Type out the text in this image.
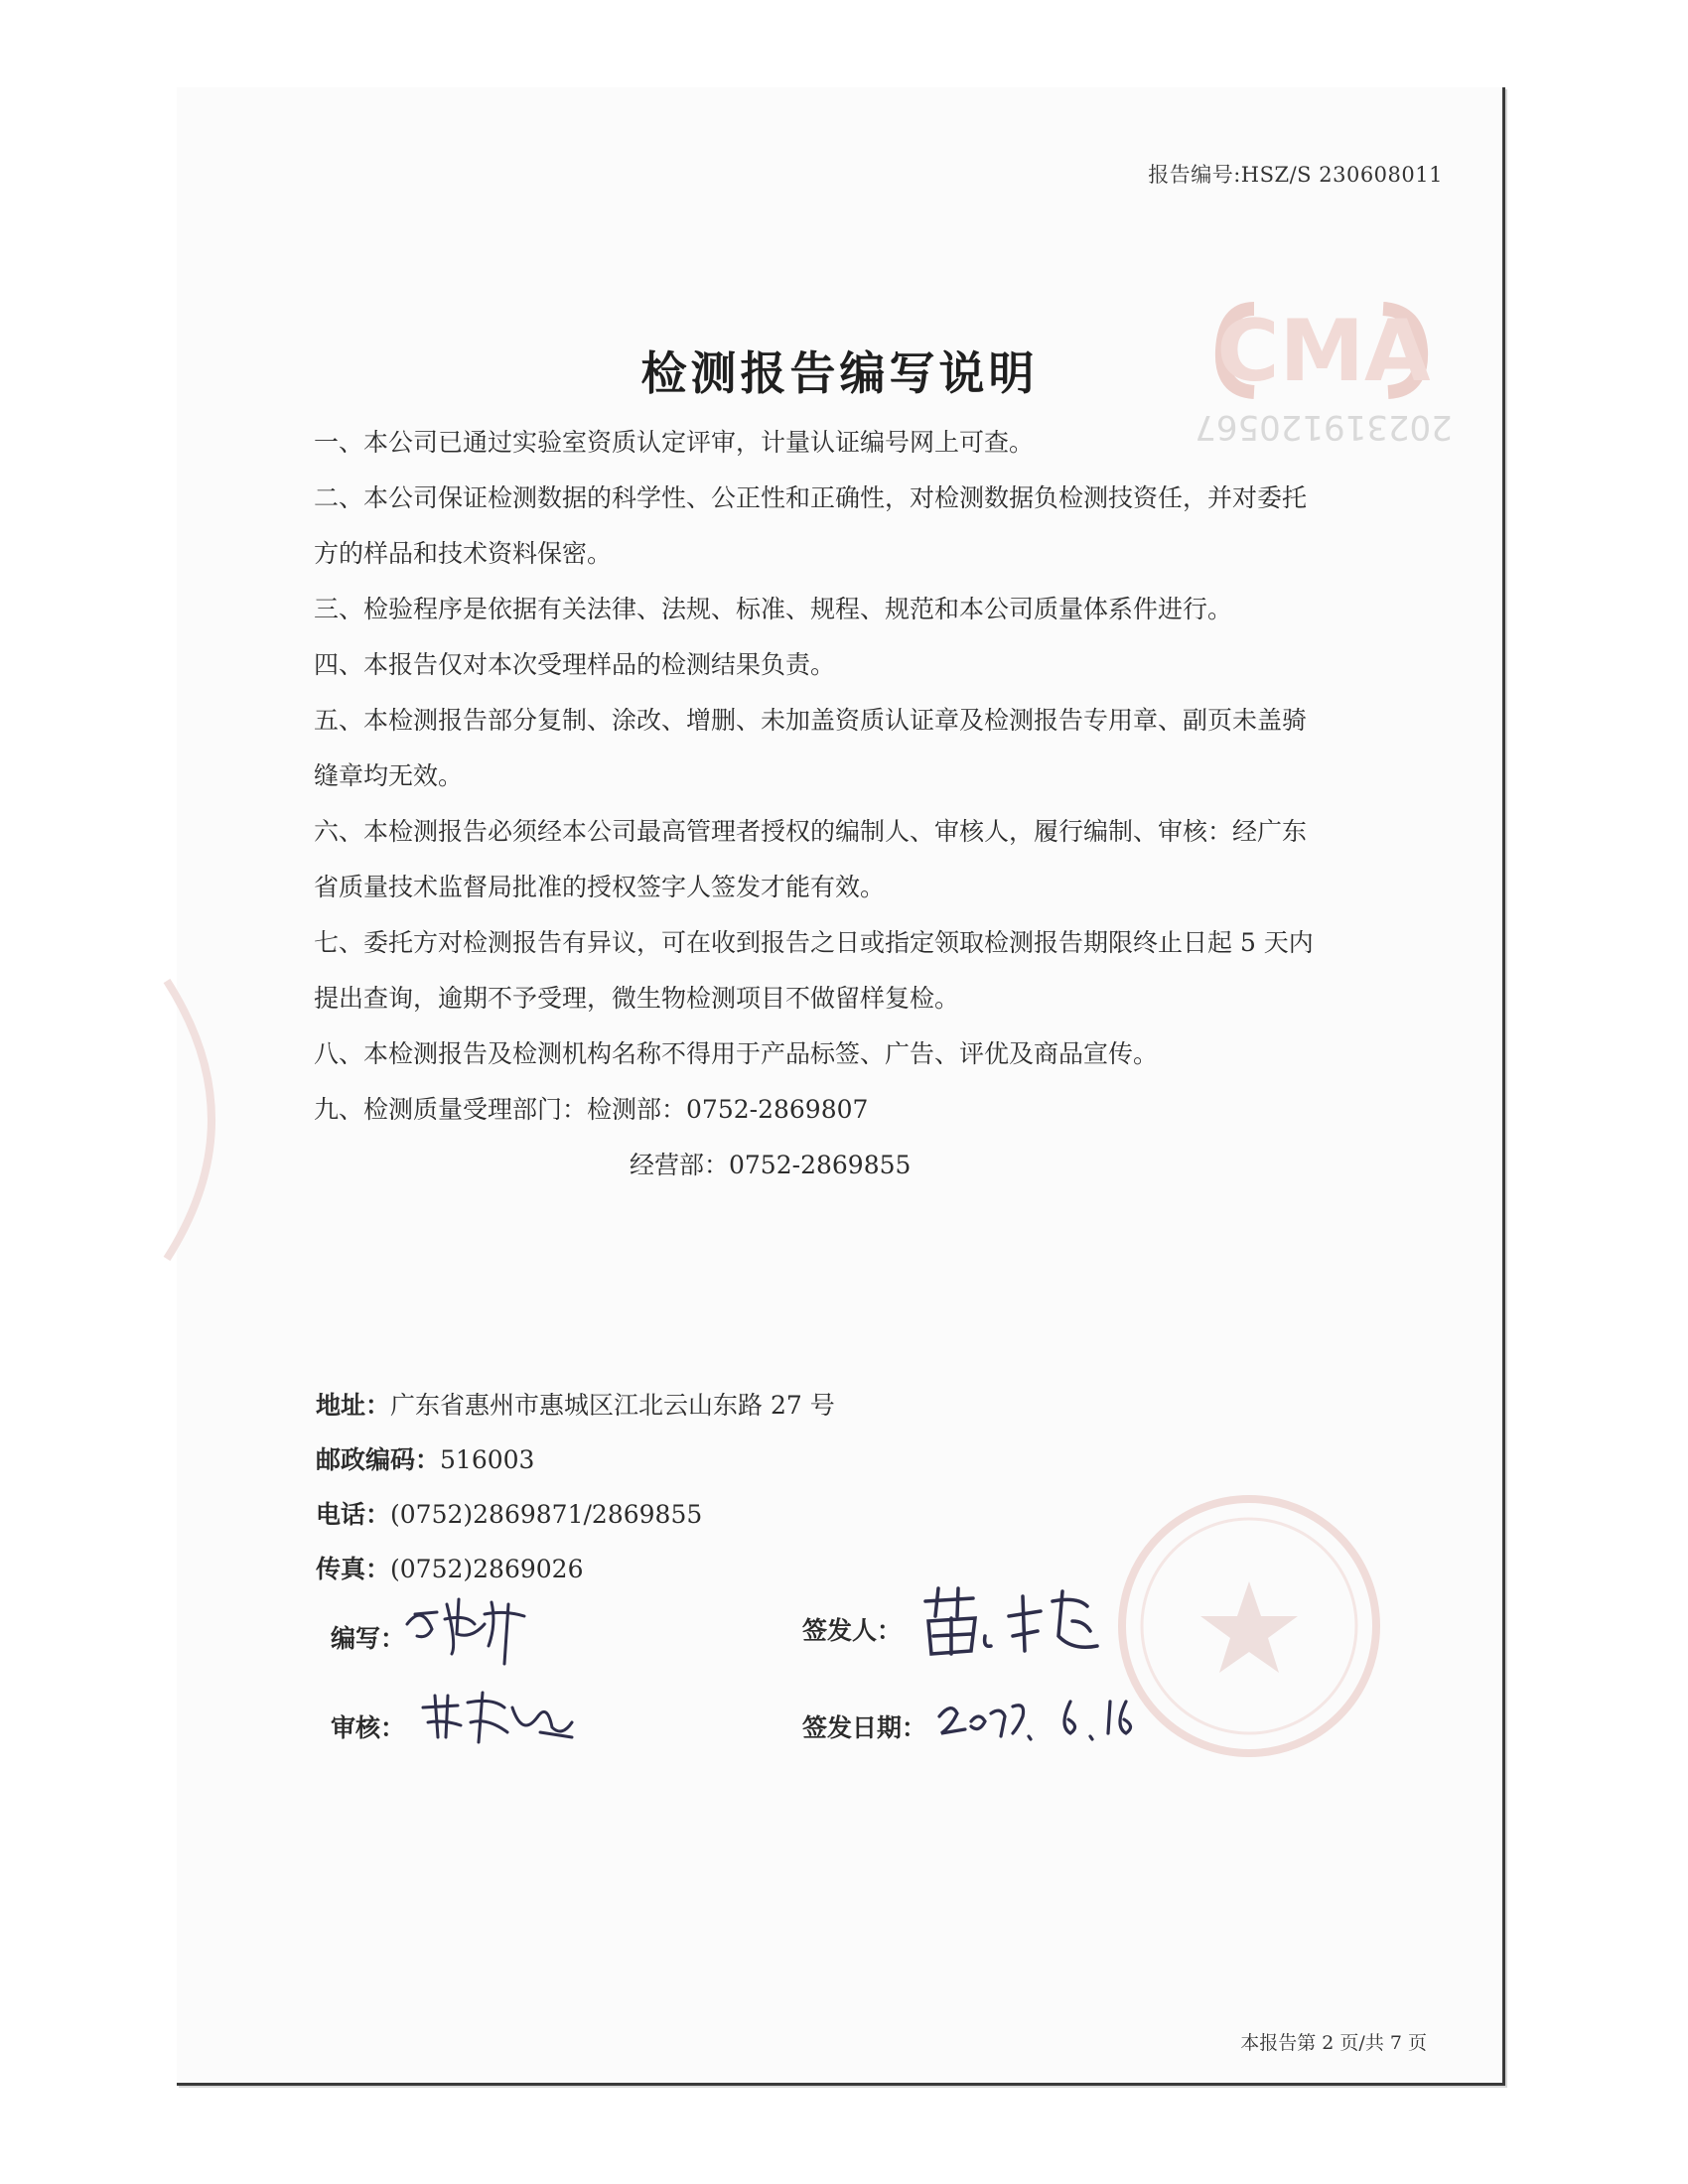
CMA
202319120567
报告编号:HSZ/S 230608011
检测报告编写说明

一、本公司已通过实验室资质认定评审，计量认证编号网上可查。

二、本公司保证检测数据的科学性、公正性和正确性，对检测数据负检测技资任，并对委托

方的样品和技术资料保密。

三、检验程序是依据有关法律、法规、标准、规程、规范和本公司质量体系件进行。

四、本报告仅对本次受理样品的检测结果负责。

五、本检测报告部分复制、涂改、增删、未加盖资质认证章及检测报告专用章、副页未盖骑

缝章均无效。

六、本检测报告必须经本公司最高管理者授权的编制人、审核人，履行编制、审核：经广东

省质量技术监督局批准的授权签字人签发才能有效。

七、委托方对检测报告有异议，可在收到报告之日或指定领取检测报告期限终止日起 5 天内

提出查询，逾期不予受理，微生物检测项目不做留样复检。

八、本检测报告及检测机构名称不得用于产品标签、广告、评优及商品宣传。

九、检测质量受理部门：检测部：0752-2869807

经营部：0752-2869855

地址：广东省惠州市惠城区江北云山东路 27 号
邮政编码：516003
电话：(0752)2869871/2869855
传真：(0752)2869026
编写：
审核：
签发人：
签发日期：
本报告第 2 页/共 7 页
